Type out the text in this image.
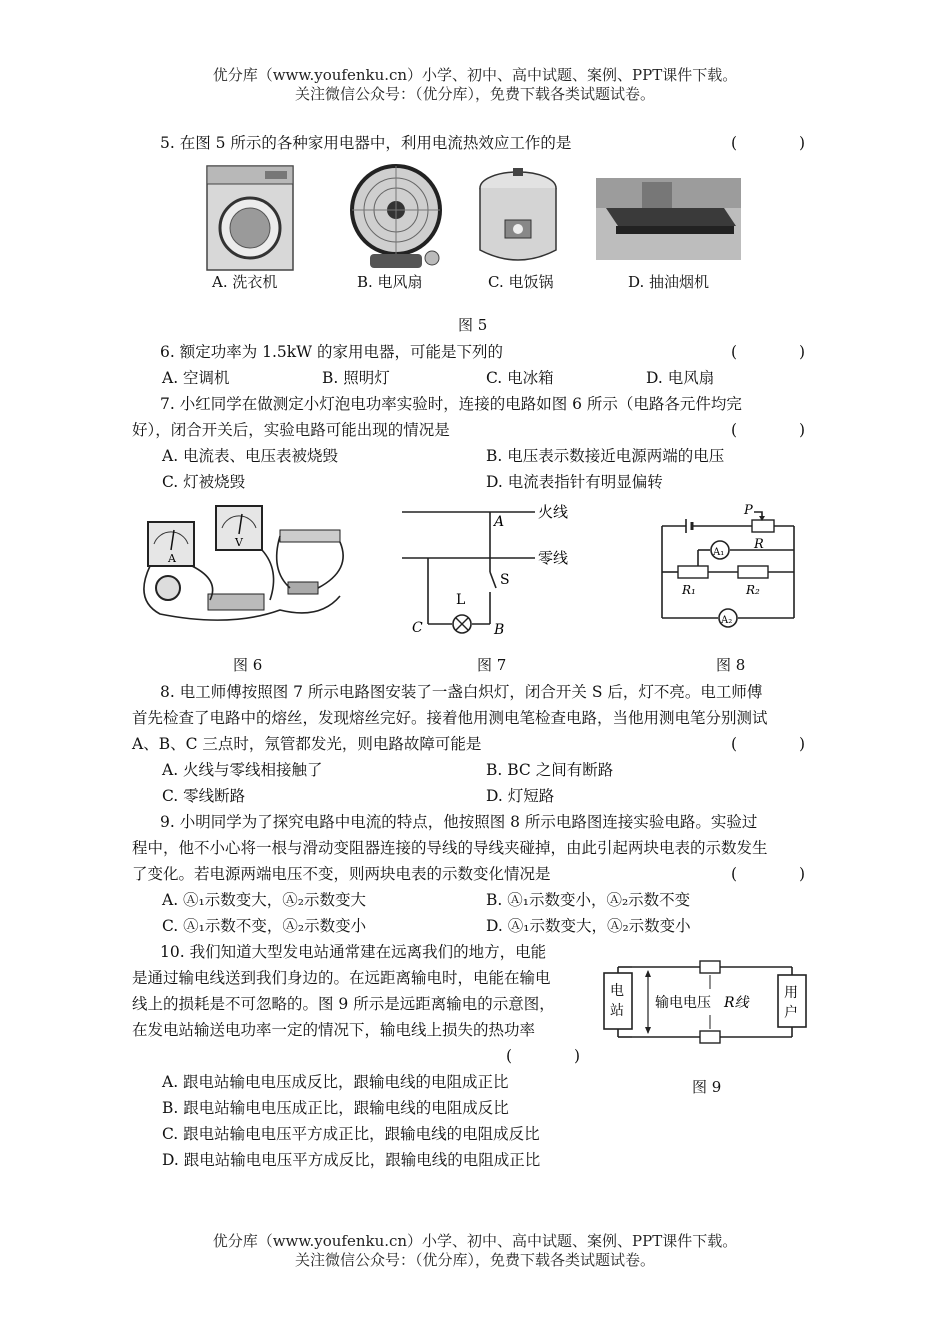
优分库（www.youfenku.cn）小学、初中、高中试题、案例、PPT课件下载。
关注微信公众号：（优分库），免费下载各类试题试卷。
5. 在图 5 所示的各种家用电器中，利用电流热效应工作的是	(　　　　)
A. 洗衣机	B. 电风扇	C. 电饭锅	D. 抽油烟机
图 5
6. 额定功率为 1.5kW 的家用电器，可能是下列的	(　　　　)
A. 空调机	B. 照明灯	C. 电冰箱	D. 电风扇
7. 小红同学在做测定小灯泡电功率实验时，连接的电路如图 6 所示（电路各元件均完
好），闭合开关后，实验电路可能出现的情况是	(　　　　)
A. 电流表、电压表被烧毁	B. 电压表示数接近电源两端的电压
C. 灯被烧毁	D. 电流表指针有明显偏转
A
V
图 6
火线
零线
A
S
L
C	B
图 7
P
R
A₁
R₁	R₂
A₂
图 8
8. 电工师傅按照图 7 所示电路图安装了一盏白炽灯，闭合开关 S 后，灯不亮。电工师傅
首先检查了电路中的熔丝，发现熔丝完好。接着他用测电笔检查电路，当他用测电笔分别测试
A、B、C 三点时，氖管都发光，则电路故障可能是	(　　　　)
A. 火线与零线相接触了	B. BC 之间有断路
C. 零线断路	D. 灯短路
9. 小明同学为了探究电路中电流的特点，他按照图 8 所示电路图连接实验电路。实验过
程中，他不小心将一根与滑动变阻器连接的导线的导线夹碰掉，由此引起两块电表的示数发生
了变化。若电源两端电压不变，则两块电表的示数变化情况是	(　　　　)
A. Ⓐ₁示数变大，Ⓐ₂示数变大	B. Ⓐ₁示数变小，Ⓐ₂示数不变
C. Ⓐ₁示数不变，Ⓐ₂示数变小	D. Ⓐ₁示数变大，Ⓐ₂示数变小
10. 我们知道大型发电站通常建在远离我们的地方，电能
是通过输电线送到我们身边的。在远距离输电时，电能在输电
线上的损耗是不可忽略的。图 9 所示是远距离输电的示意图，
在发电站输送电功率一定的情况下，输电线上损失的热功率
(　　　　)
A. 跟电站输电电压成反比，跟输电线的电阻成正比
B. 跟电站输电电压成正比，跟输电线的电阻成反比
C. 跟电站输电电压平方成正比，跟输电线的电阻成反比
D. 跟电站输电电压平方成反比，跟输电线的电阻成正比
电
站 输电电压 R线
用
户
图 9
优分库（www.youfenku.cn）小学、初中、高中试题、案例、PPT课件下载。
关注微信公众号：（优分库），免费下载各类试题试卷。
